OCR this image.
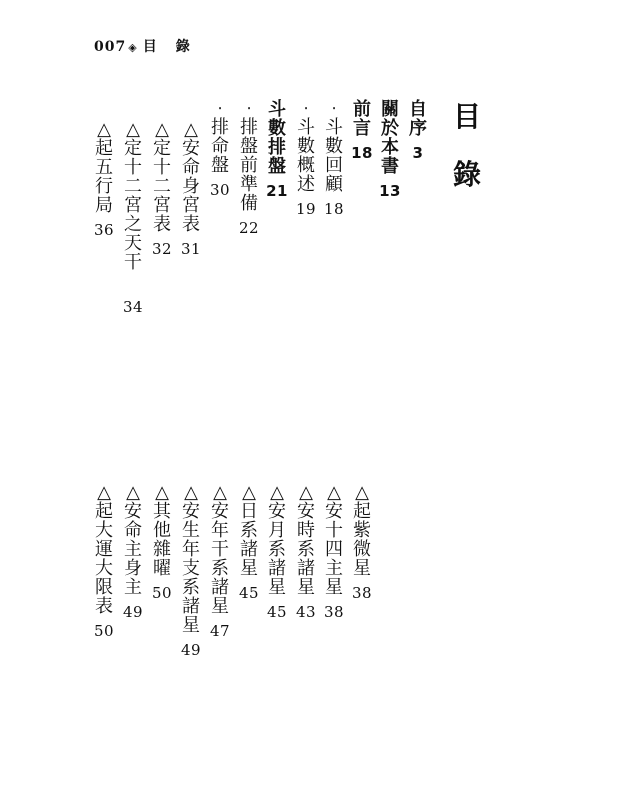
007 ◈ 目 錄
目
錄
自
序
3
關
於
本
書
13
前
言
18
‧
斗
數
回
顧
18
‧
斗
數
概
述
19
斗
數
排
盤
21
‧
排
盤
前
準
備
22
‧
排
命
盤
30
△
安
命
身
宮
表
31
△
定
十
二
宮
表
32
△
定
十
二
宮
之
天
干
34
△
起
五
行
局
36
△
起
紫
微
星
38
△
安
十
四
主
星
38
△
安
時
系
諸
星
43
△
安
月
系
諸
星
45
△
日
系
諸
星
45
△
安
年
干
系
諸
星
47
△
安
生
年
支
系
諸
星
49
△
其
他
雜
曜
50
△
安
命
主
身
主
49
△
起
大
運
大
限
表
50
